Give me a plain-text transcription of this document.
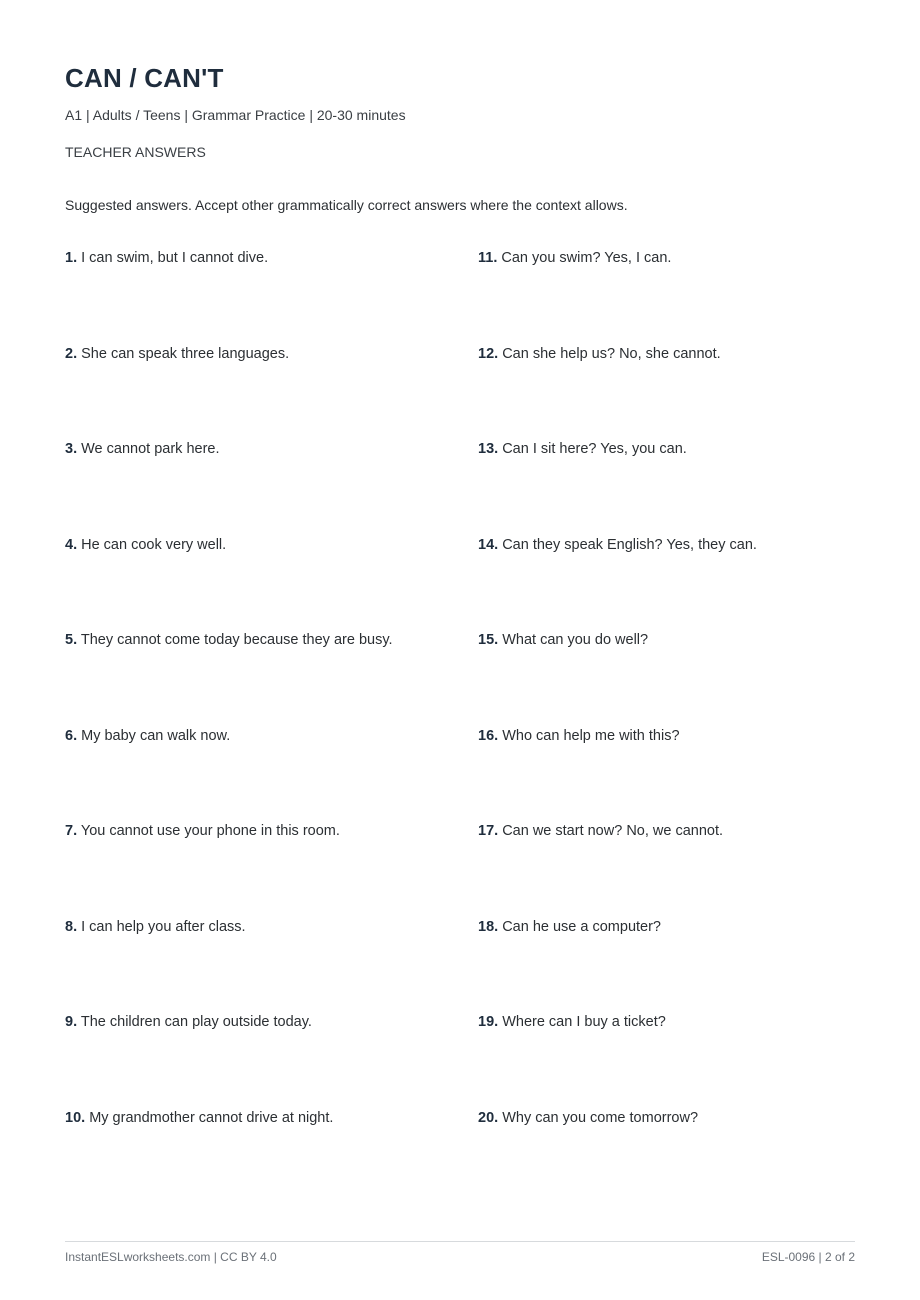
CAN / CAN'T
A1 | Adults / Teens | Grammar Practice | 20-30 minutes
TEACHER ANSWERS
Suggested answers. Accept other grammatically correct answers where the context allows.
1. I can swim, but I cannot dive.
2. She can speak three languages.
3. We cannot park here.
4. He can cook very well.
5. They cannot come today because they are busy.
6. My baby can walk now.
7. You cannot use your phone in this room.
8. I can help you after class.
9. The children can play outside today.
10. My grandmother cannot drive at night.
11. Can you swim? Yes, I can.
12. Can she help us? No, she cannot.
13. Can I sit here? Yes, you can.
14. Can they speak English? Yes, they can.
15. What can you do well?
16. Who can help me with this?
17. Can we start now? No, we cannot.
18. Can he use a computer?
19. Where can I buy a ticket?
20. Why can you come tomorrow?
InstantESLworksheets.com | CC BY 4.0	ESL-0096 | 2 of 2
